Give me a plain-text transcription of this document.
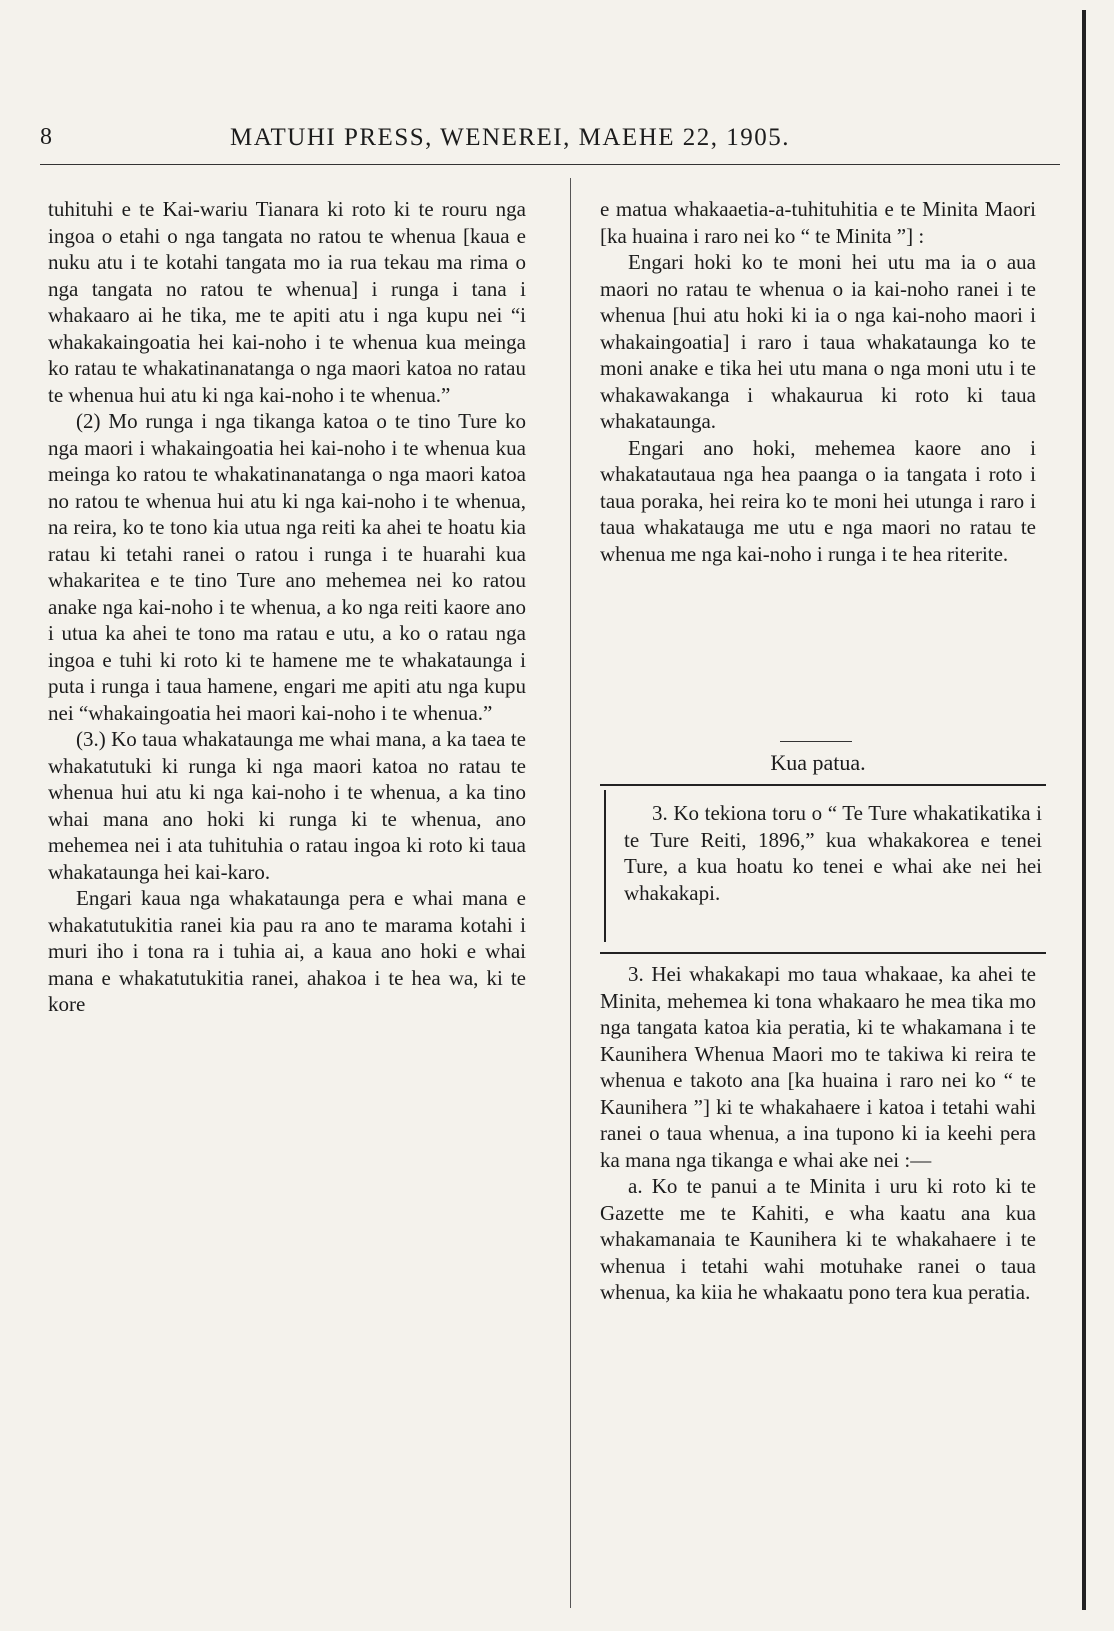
8	MATUHI PRESS, WENEREI, MAEHE 22, 1905.

tuhituhi e te Kai-wariu Tianara ki roto ki te rouru nga ingoa o etahi o nga tangata no ratou te whenua [kaua e nuku atu i te kotahi tangata mo ia rua tekau ma rima o nga tangata no ratou te whenua] i runga i tana i whakaaro ai he tika, me te apiti atu i nga kupu nei “i whakakaingoatia hei kai-noho i te whenua kua meinga ko ratau te whakatinanatanga o nga maori katoa no ratau te whenua hui atu ki nga kai-noho i te whenua.”

(2) Mo runga i nga tikanga katoa o te tino Ture ko nga maori i whakaingoatia hei kai-noho i te whenua kua meinga ko ratou te whakatinanatanga o nga maori katoa no ratou te whenua hui atu ki nga kai-noho i te whenua, na reira, ko te tono kia utua nga reiti ka ahei te hoatu kia ratau ki tetahi ranei o ratou i runga i te huarahi kua whakaritea e te tino Ture ano mehemea nei ko ratou anake nga kai-noho i te whenua, a ko nga reiti kaore ano i utua ka ahei te tono ma ratau e utu, a ko o ratau nga ingoa e tuhi ki roto ki te hamene me te whakataunga i puta i runga i taua hamene, engari me apiti atu nga kupu nei “whakaingoatia hei maori kai-noho i te whenua.”

(3.) Ko taua whakataunga me whai mana, a ka taea te whakatutuki ki runga ki nga maori katoa no ratau te whenua hui atu ki nga kai-noho i te whenua, a ka tino whai mana ano hoki ki runga ki te whenua, ano mehemea nei i ata tuhituhia o ratau ingoa ki roto ki taua whakataunga hei kai-karo.

Engari kaua nga whakataunga pera e whai mana e whakatutukitia ranei kia pau ra ano te marama kotahi i muri iho i tona ra i tuhia ai, a kaua ano hoki e whai mana e whakatutukitia ranei, ahakoa i te hea wa, ki te kore

e matua whakaaetia-a-tuhituhitia e te Minita Maori [ka huaina i raro nei ko “ te Minita ”] :

Engari hoki ko te moni hei utu ma ia o aua maori no ratau te whenua o ia kai-noho ranei i te whenua [hui atu hoki ki ia o nga kai-noho maori i whakaingoatia] i raro i taua whakataunga ko te moni anake e tika hei utu mana o nga moni utu i te whakawakanga i whakaurua ki roto ki taua whakataunga.

Engari ano hoki, mehemea kaore ano i whakatautaua nga hea paanga o ia tangata i roto i taua poraka, hei reira ko te moni hei utunga i raro i taua whakatauga me utu e nga maori no ratau te whenua me nga kai-noho i runga i te hea riterite.

Kua patua.

3. Ko tekiona toru o “ Te Ture whakatikatika i te Ture Reiti, 1896,” kua whakakorea e tenei Ture, a kua hoatu ko tenei e whai ake nei hei whakakapi.

3. Hei whakakapi mo taua whakaae, ka ahei te Minita, mehemea ki tona whakaaro he mea tika mo nga tangata katoa kia peratia, ki te whakamana i te Kaunihera Whenua Maori mo te takiwa ki reira te whenua e takoto ana [ka huaina i raro nei ko “ te Kaunihera ”] ki te whakahaere i katoa i tetahi wahi ranei o taua whenua, a ina tupono ki ia keehi pera ka mana nga tikanga e whai ake nei :—

a. Ko te panui a te Minita i uru ki roto ki te Gazette me te Kahiti, e wha kaatu ana kua whakamanaia te Kaunihera ki te whakahaere i te whenua i tetahi wahi motuhake ranei o taua whenua, ka kiia he whakaatu pono tera kua peratia.
